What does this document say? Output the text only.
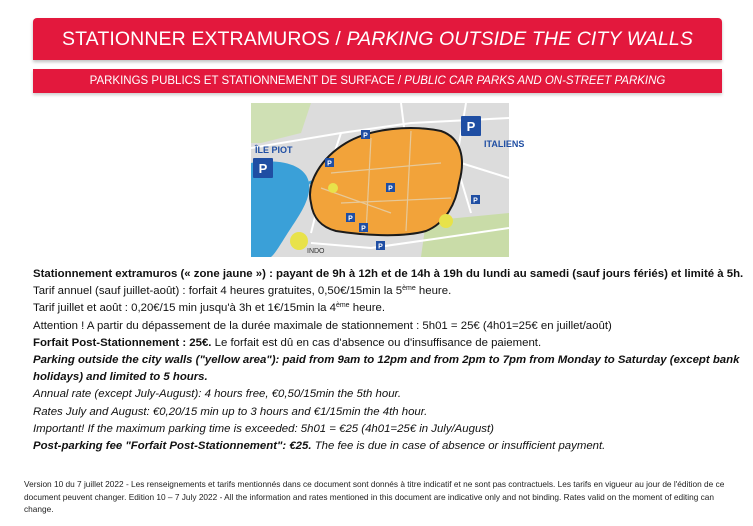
STATIONNER EXTRAMUROS / PARKING OUTSIDE THE CITY WALLS
PARKINGS PUBLICS ET STATIONNEMENT DE SURFACE / PUBLIC CAR PARKS AND ON-STREET PARKING
P
P
P
P
P
P
P
P
P
ÎLE PIOT
ITALIENS
INDO

Stationnement extramuros (« zone jaune ») : payant de 9h à 12h et de 14h à 19h du lundi au samedi (sauf jours fériés) et limité à 5h.

Tarif annuel (sauf juillet-août) : forfait 4 heures gratuites, 0,50€/15min la 5ème heure.

Tarif juillet et août : 0,20€/15 min jusqu'à 3h et 1€/15min la 4ème heure.

Attention ! A partir du dépassement de la durée maximale de stationnement : 5h01 = 25€ (4h01=25€ en juillet/août)

Forfait Post-Stationnement : 25€. Le forfait est dû en cas d'absence ou d'insuffisance de paiement.

Parking outside the city walls ("yellow area"): paid from 9am to 12pm and from 2pm to 7pm from Monday to Saturday (except bank holidays) and limited to 5 hours.

Annual rate (except July-August): 4 hours free, €0,50/15min the 5th hour.

Rates July and August: €0,20/15 min up to 3 hours and €1/15min the 4th hour.

Important! If the maximum parking time is exceeded: 5h01 = €25 (4h01=25€ in July/August)

Post-parking fee "Forfait Post-Stationnement": €25. The fee is due in case of absence or insufficient payment.

Version 10 du 7 juillet 2022 - Les renseignements et tarifs mentionnés dans ce document sont donnés à titre indicatif et ne sont pas contractuels. Les tarifs en vigueur au jour de l'édition de ce document peuvent changer. Edition 10 – 7 July 2022 - All the information and rates mentioned in this document are indicative only and not binding. Rates valid on the moment of editing can change.
